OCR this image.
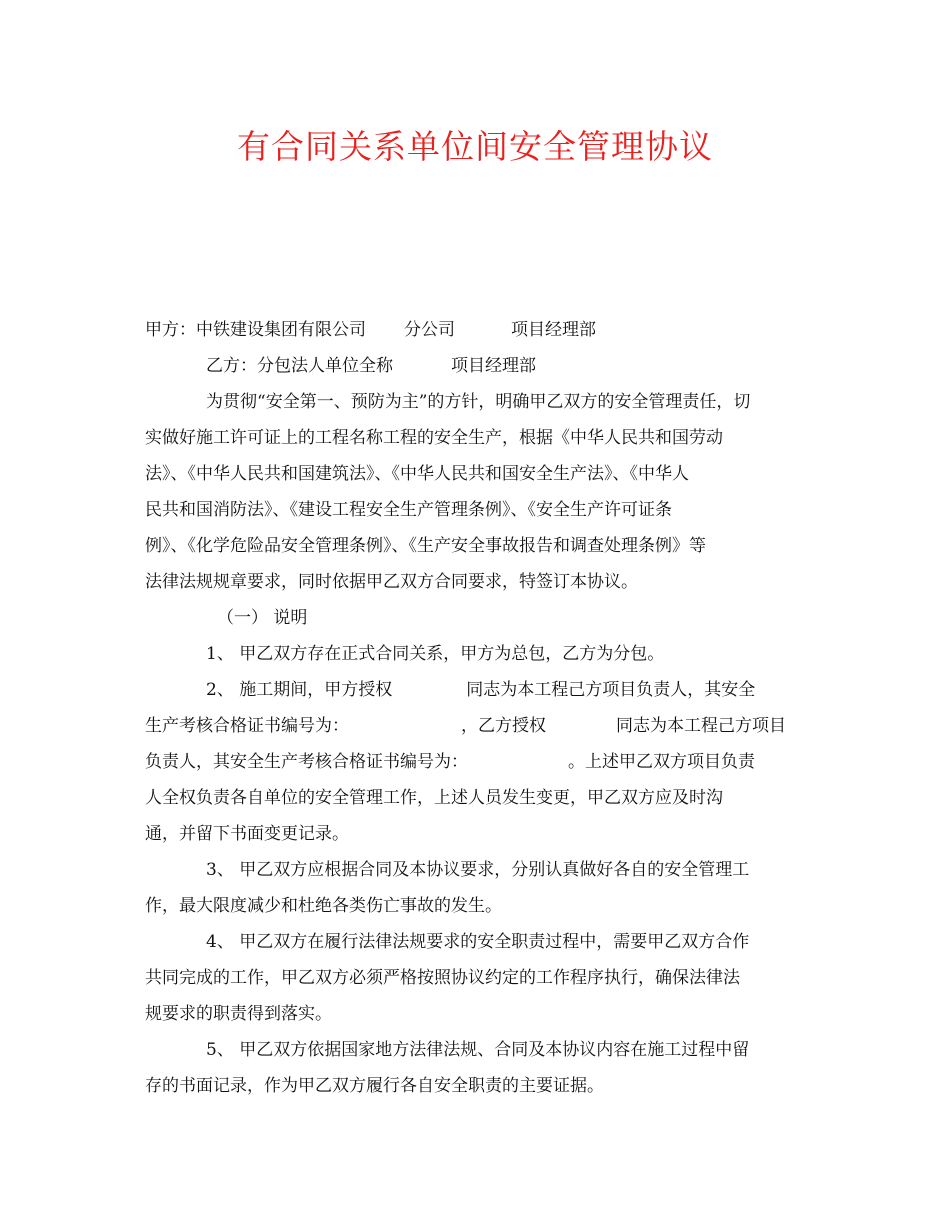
有合同关系单位间安全管理协议
甲方：中铁建设集团有限公司 分公司	项目经理部
乙方：分包法人单位全称	项目经理部
为贯彻“安全第一、预防为主”的方针，明确甲乙双方的安全管理责任，切
实做好施工许可证上的工程名称工程的安全生产，根据《中华人民共和国劳动
法》、《中华人民共和国建筑法》、《中华人民共和国安全生产法》、《中华人
民共和国消防法》、《建设工程安全生产管理条例》、《安全生产许可证条
例》、《化学危险品安全管理条例》、《生产安全事故报告和调查处理条例》等
法律法规规章要求，同时依据甲乙双方合同要求，特签订本协议。
（一） 说明
1、 甲乙双方存在正式合同关系，甲方为总包，乙方为分包。
2、 施工期间，甲方授权	同志为本工程己方项目负责人，其安全
生产考核合格证书编号为：	，乙方授权	同志为本工程己方项目
负责人，其安全生产考核合格证书编号为：	。上述甲乙双方项目负责
人全权负责各自单位的安全管理工作，上述人员发生变更，甲乙双方应及时沟
通，并留下书面变更记录。
3、 甲乙双方应根据合同及本协议要求，分别认真做好各自的安全管理工
作，最大限度减少和杜绝各类伤亡事故的发生。
4、 甲乙双方在履行法律法规要求的安全职责过程中，需要甲乙双方合作
共同完成的工作，甲乙双方必须严格按照协议约定的工作程序执行，确保法律法
规要求的职责得到落实。
5、 甲乙双方依据国家地方法律法规、合同及本协议内容在施工过程中留
存的书面记录，作为甲乙双方履行各自安全职责的主要证据。
